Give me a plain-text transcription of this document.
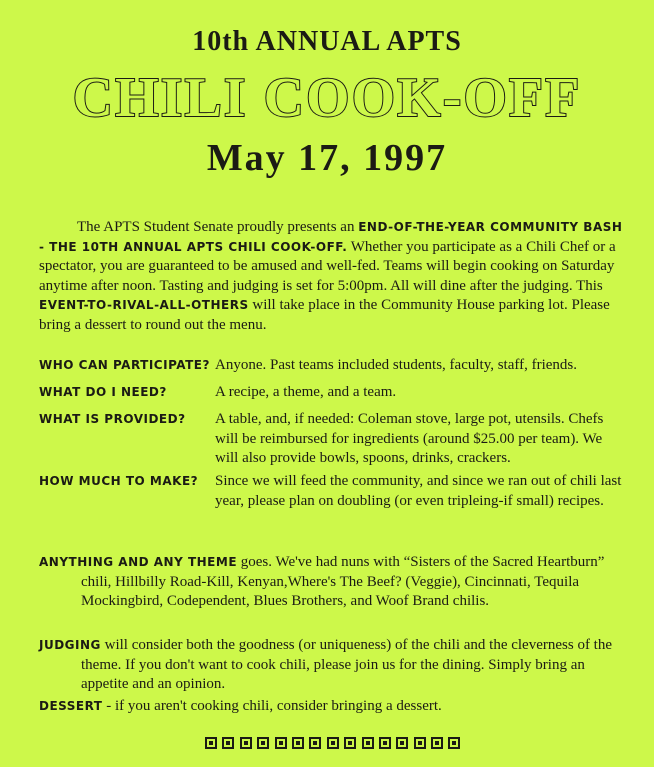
10th ANNUAL APTS
CHILI COOK-OFF
May 17, 1997

The APTS Student Senate proudly presents an END-OF-THE-YEAR COMMUNITY BASH - THE 10TH ANNUAL APTS CHILI COOK-OFF. Whether you participate as a Chili Chef or a spectator, you are guaranteed to be amused and well-fed. Teams will begin cooking on Saturday anytime after noon. Tasting and judging is set for 5:00pm. All will dine after the judging. This EVENT-TO-RIVAL-ALL-OTHERS will take place in the Community House parking lot. Please bring a dessert to round out the menu.

WHO CAN PARTICIPATE? Anyone. Past teams included students, faculty, staff, friends.
WHAT DO I NEED?	A recipe, a theme, and a team.
WHAT IS PROVIDED?	A table, and, if needed: Coleman stove, large pot, utensils. Chefs will be reimbursed for ingredients (around $25.00 per team). We will also provide bowls, spoons, drinks, crackers.
HOW MUCH TO MAKE?	Since we will feed the community, and since we ran out of chili last year, please plan on doubling (or even tripleing-if small) recipes.

ANYTHING AND ANY THEME goes. We've had nuns with “Sisters of the Sacred Heartburn” chili, Hillbilly Road-Kill, Kenyan,Where's The Beef? (Veggie), Cincinnati, Tequila Mockingbird, Codependent, Blues Brothers, and Woof Brand chilis.

JUDGING will consider both the goodness (or uniqueness) of the chili and the cleverness of the theme. If you don't want to cook chili, please join us for the dining. Simply bring an appetite and an opinion.

DESSERT - if you aren't cooking chili, consider bringing a dessert.
